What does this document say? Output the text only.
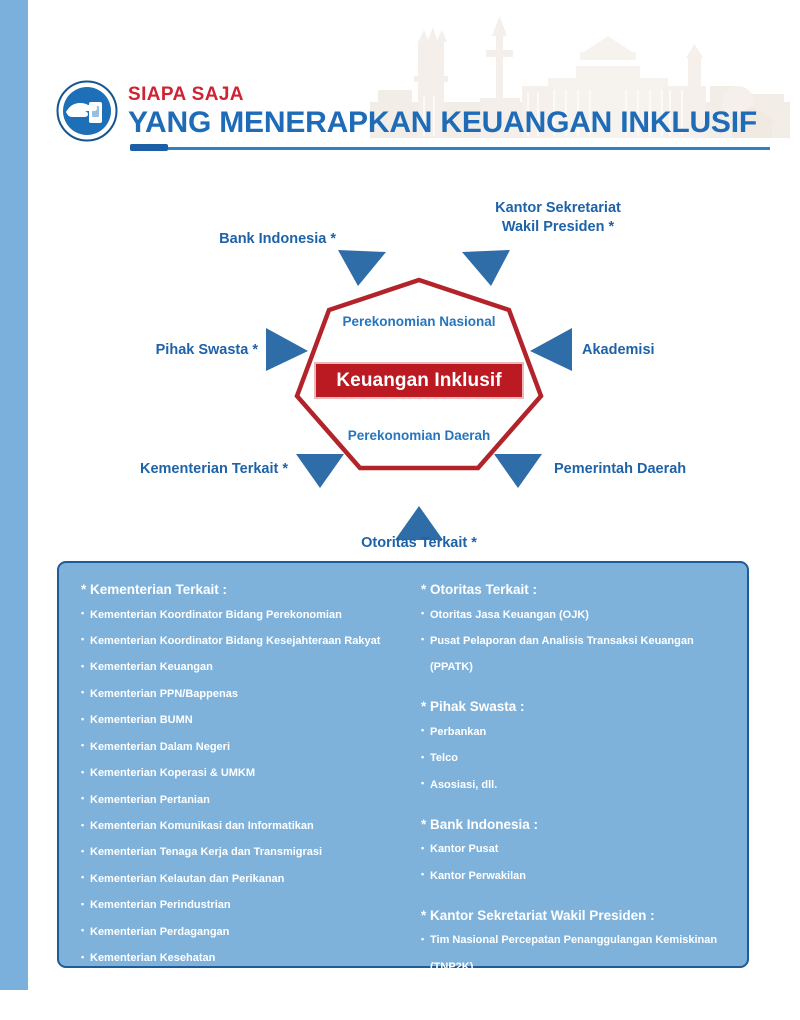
SIAPA SAJA
YANG MENERAPKAN KEUANGAN INKLUSIF
Perekonomian Nasional
Keuangan Inklusif
Perekonomian Daerah
Bank Indonesia *
Kantor Sekretariat
Wakil Presiden *
Pihak Swasta *	Akademisi
Kementerian Terkait *	Pemerintah Daerah
Otoritas Terkait *
* Kementerian Terkait :
• Kementerian Koordinator Bidang Perekonomian
• Kementerian Koordinator Bidang Kesejahteraan Rakyat
• Kementerian Keuangan
• Kementerian PPN/Bappenas
• Kementerian BUMN
• Kementerian Dalam Negeri
• Kementerian Koperasi & UMKM
• Kementerian Pertanian
• Kementerian Komunikasi dan Informatikan
• Kementerian Tenaga Kerja dan Transmigrasi
• Kementerian Kelautan dan Perikanan
• Kementerian Perindustrian
• Kementerian Perdagangan
• Kementerian Kesehatan
• Kementerian Agama
• Kementerian Pekerjaan Umum
* Otoritas Terkait :
• Otoritas Jasa Keuangan (OJK)
• Pusat Pelaporan dan Analisis Transaksi Keuangan
(PPATK)
* Pihak Swasta :
• Perbankan
• Telco
• Asosiasi, dll.
* Bank Indonesia :
• Kantor Pusat
• Kantor Perwakilan
* Kantor Sekretariat Wakil Presiden :
• Tim Nasional Percepatan Penanggulangan Kemiskinan
(TNP2K)
